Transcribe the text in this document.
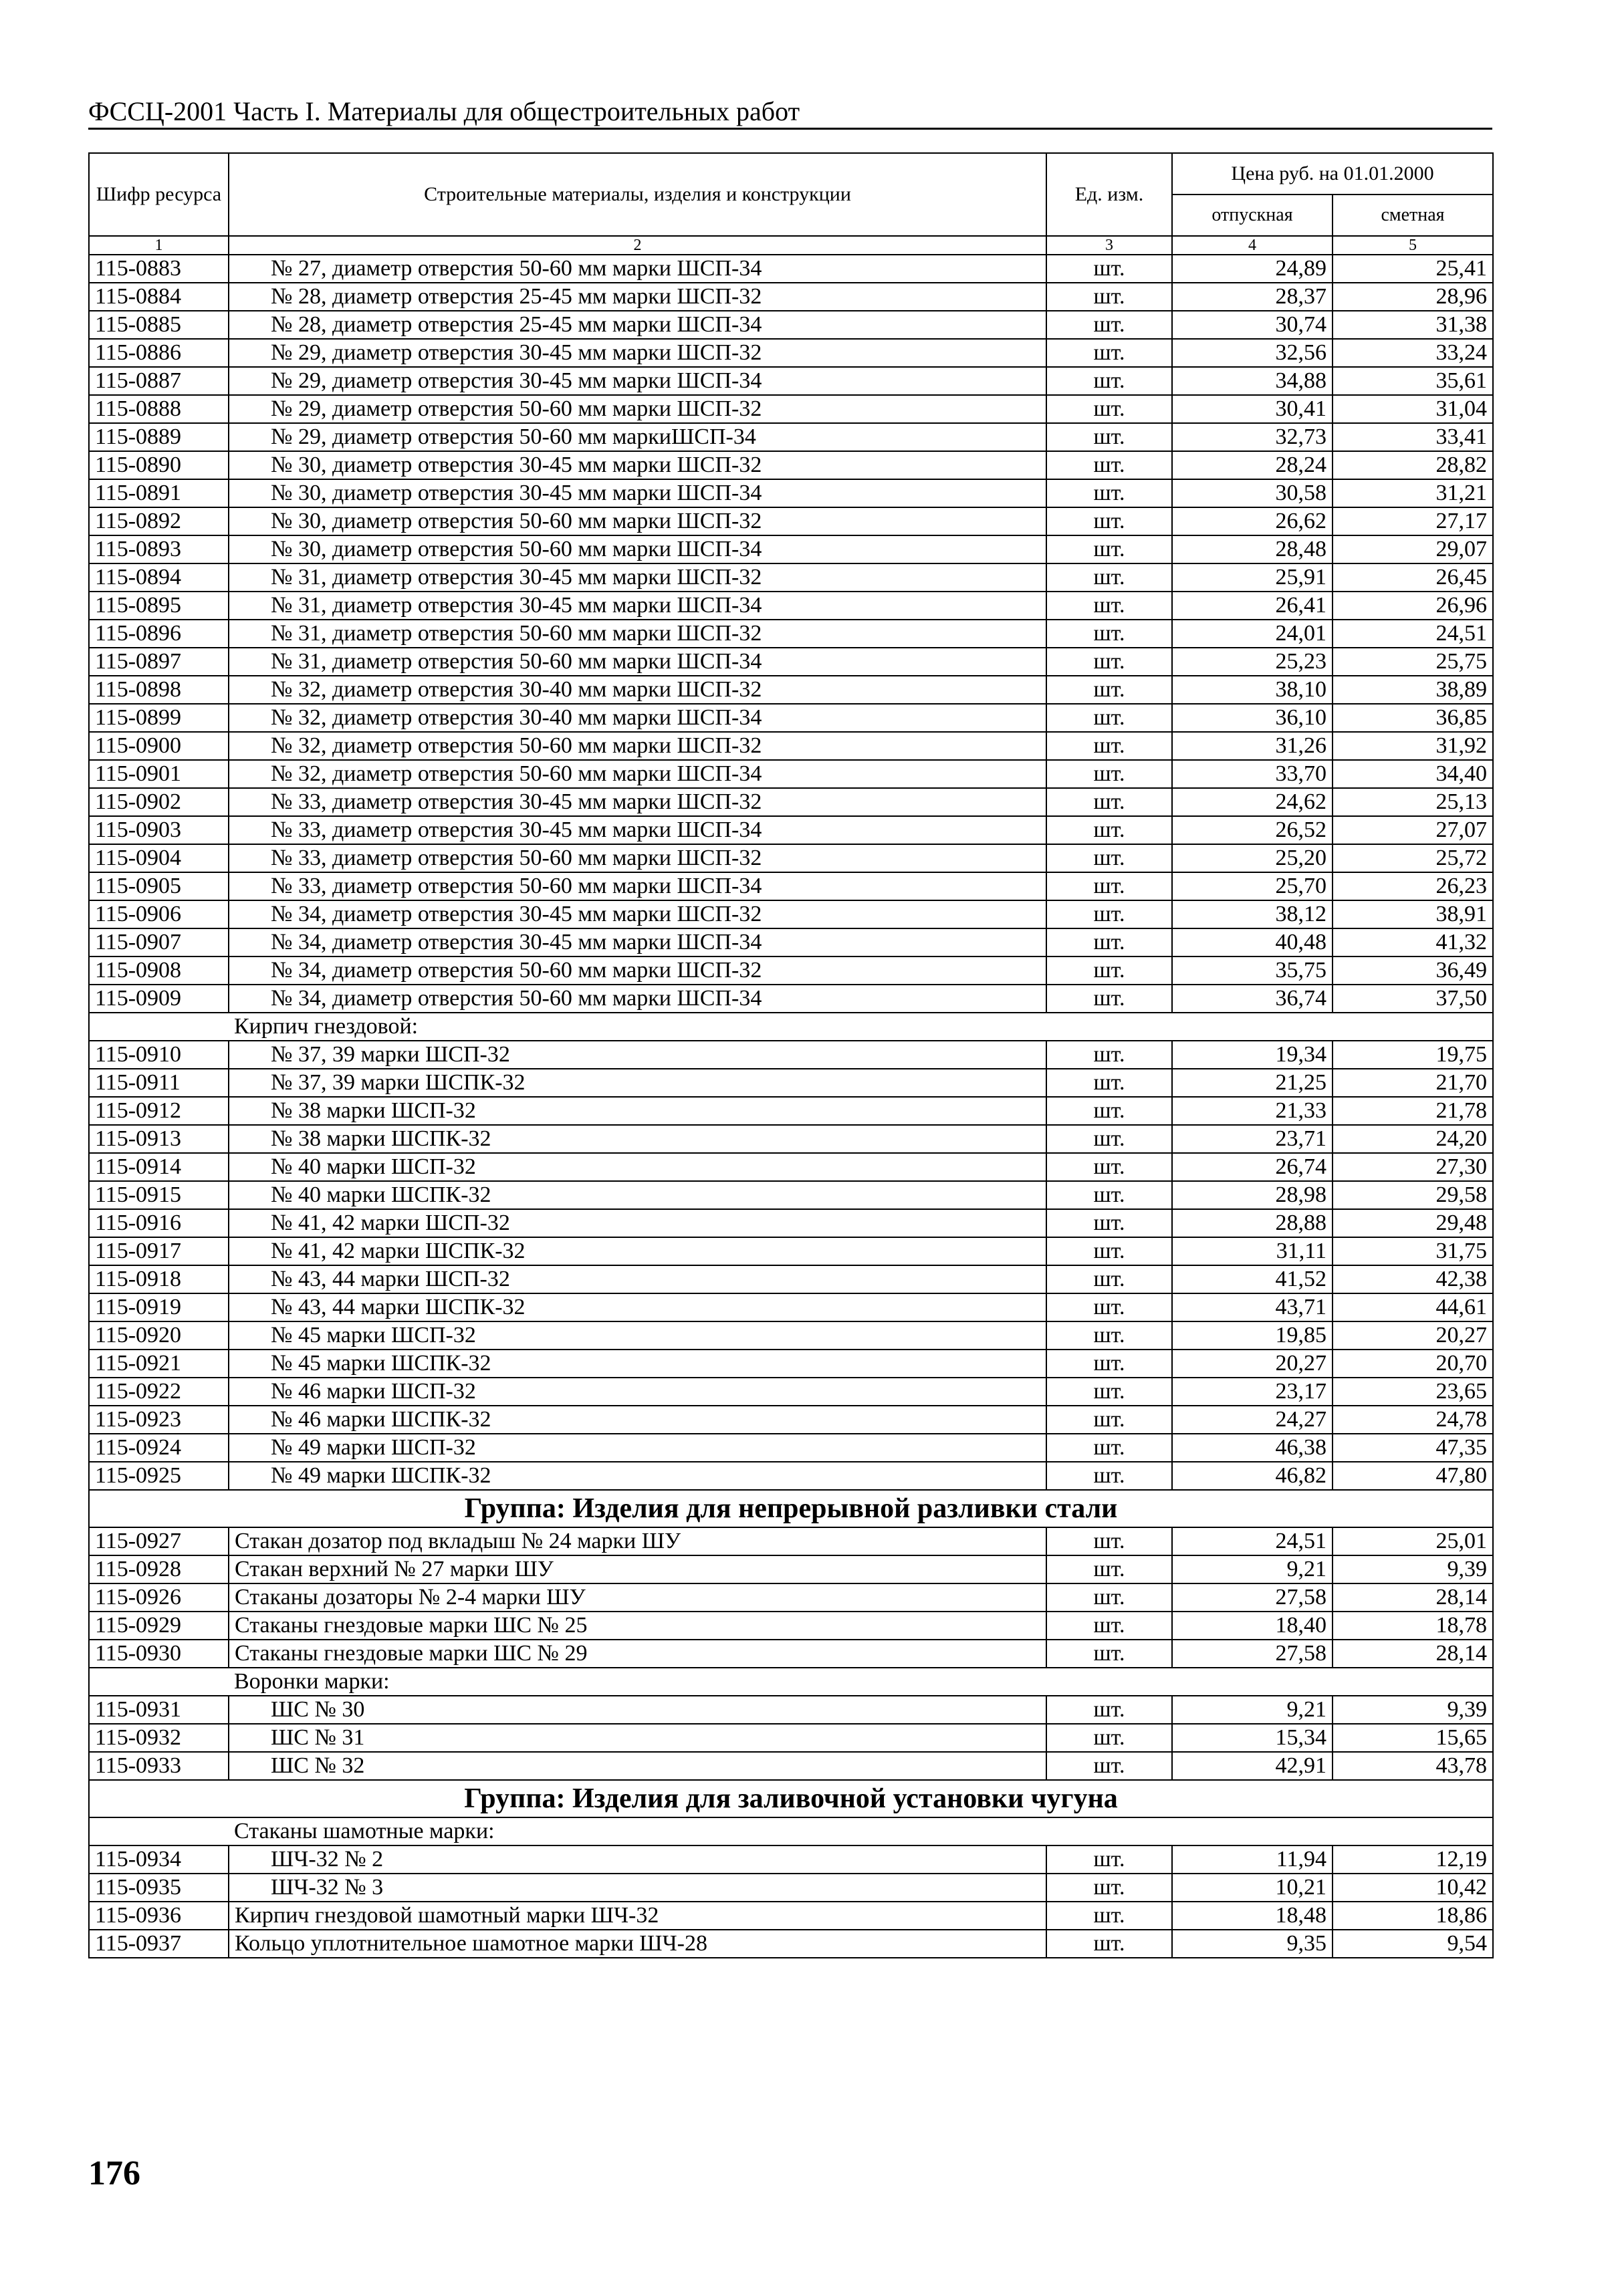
ФССЦ-2001 Часть I. Материалы для общестроительных работ
Шифр ресурса	Строительные материалы, изделия и конструкции	Ед. изм.	Цена руб. на 01.01.2000	
			отпускная	сметная
1	2	3	4	5
115-0883	№ 27, диаметр отверстия 50-60 мм марки ШСП-34	шт.	24,89	25,41
115-0884	№ 28, диаметр отверстия 25-45 мм марки ШСП-32	шт.	28,37	28,96
115-0885	№ 28, диаметр отверстия 25-45 мм марки ШСП-34	шт.	30,74	31,38
115-0886	№ 29, диаметр отверстия 30-45 мм марки ШСП-32	шт.	32,56	33,24
115-0887	№ 29, диаметр отверстия 30-45 мм марки ШСП-34	шт.	34,88	35,61
115-0888	№ 29, диаметр отверстия 50-60 мм марки ШСП-32	шт.	30,41	31,04
115-0889	№ 29, диаметр отверстия 50-60 мм маркиШСП-34	шт.	32,73	33,41
115-0890	№ 30, диаметр отверстия 30-45 мм марки ШСП-32	шт.	28,24	28,82
115-0891	№ 30, диаметр отверстия 30-45 мм марки ШСП-34	шт.	30,58	31,21
115-0892	№ 30, диаметр отверстия 50-60 мм марки ШСП-32	шт.	26,62	27,17
115-0893	№ 30, диаметр отверстия 50-60 мм марки ШСП-34	шт.	28,48	29,07
115-0894	№ 31, диаметр отверстия 30-45 мм марки ШСП-32	шт.	25,91	26,45
115-0895	№ 31, диаметр отверстия 30-45 мм марки ШСП-34	шт.	26,41	26,96
115-0896	№ 31, диаметр отверстия 50-60 мм марки ШСП-32	шт.	24,01	24,51
115-0897	№ 31, диаметр отверстия 50-60 мм марки ШСП-34	шт.	25,23	25,75
115-0898	№ 32, диаметр отверстия 30-40 мм марки ШСП-32	шт.	38,10	38,89
115-0899	№ 32, диаметр отверстия 30-40 мм марки ШСП-34	шт.	36,10	36,85
115-0900	№ 32, диаметр отверстия 50-60 мм марки ШСП-32	шт.	31,26	31,92
115-0901	№ 32, диаметр отверстия 50-60 мм марки ШСП-34	шт.	33,70	34,40
115-0902	№ 33, диаметр отверстия 30-45 мм марки ШСП-32	шт.	24,62	25,13
115-0903	№ 33, диаметр отверстия 30-45 мм марки ШСП-34	шт.	26,52	27,07
115-0904	№ 33, диаметр отверстия 50-60 мм марки ШСП-32	шт.	25,20	25,72
115-0905	№ 33, диаметр отверстия 50-60 мм марки ШСП-34	шт.	25,70	26,23
115-0906	№ 34, диаметр отверстия 30-45 мм марки ШСП-32	шт.	38,12	38,91
115-0907	№ 34, диаметр отверстия 30-45 мм марки ШСП-34	шт.	40,48	41,32
115-0908	№ 34, диаметр отверстия 50-60 мм марки ШСП-32	шт.	35,75	36,49
115-0909	№ 34, диаметр отверстия 50-60 мм марки ШСП-34	шт.	36,74	37,50
	Кирпич гнездовой:			
115-0910	№ 37, 39 марки ШСП-32	шт.	19,34	19,75
115-0911	№ 37, 39 марки ШСПК-32	шт.	21,25	21,70
115-0912	№ 38 марки ШСП-32	шт.	21,33	21,78
115-0913	№ 38 марки ШСПК-32	шт.	23,71	24,20
115-0914	№ 40 марки ШСП-32	шт.	26,74	27,30
115-0915	№ 40 марки ШСПК-32	шт.	28,98	29,58
115-0916	№ 41, 42 марки ШСП-32	шт.	28,88	29,48
115-0917	№ 41, 42 марки ШСПК-32	шт.	31,11	31,75
115-0918	№ 43, 44 марки ШСП-32	шт.	41,52	42,38
115-0919	№ 43, 44 марки ШСПК-32	шт.	43,71	44,61
115-0920	№ 45 марки ШСП-32	шт.	19,85	20,27
115-0921	№ 45 марки ШСПК-32	шт.	20,27	20,70
115-0922	№ 46 марки ШСП-32	шт.	23,17	23,65
115-0923	№ 46 марки ШСПК-32	шт.	24,27	24,78
115-0924	№ 49 марки ШСП-32	шт.	46,38	47,35
115-0925	№ 49 марки ШСПК-32	шт.	46,82	47,80
Группа: Изделия для непрерывной разливки стали				
115-0927	Стакан дозатор под вкладыш № 24 марки ШУ	шт.	24,51	25,01
115-0928	Стакан верхний № 27 марки ШУ	шт.	9,21	9,39
115-0926	Стаканы дозаторы № 2-4 марки ШУ	шт.	27,58	28,14
115-0929	Стаканы гнездовые марки ШС № 25	шт.	18,40	18,78
115-0930	Стаканы гнездовые марки ШС № 29	шт.	27,58	28,14
	Воронки марки:			
115-0931	ШС № 30	шт.	9,21	9,39
115-0932	ШС № 31	шт.	15,34	15,65
115-0933	ШС № 32	шт.	42,91	43,78
Группа: Изделия для заливочной установки чугуна				
	Стаканы шамотные марки:			
115-0934	ШЧ-32 № 2	шт.	11,94	12,19
115-0935	ШЧ-32 № 3	шт.	10,21	10,42
115-0936	Кирпич гнездовой шамотный марки ШЧ-32	шт.	18,48	18,86
115-0937	Кольцо уплотнительное шамотное марки ШЧ-28	шт.	9,35	9,54
176
